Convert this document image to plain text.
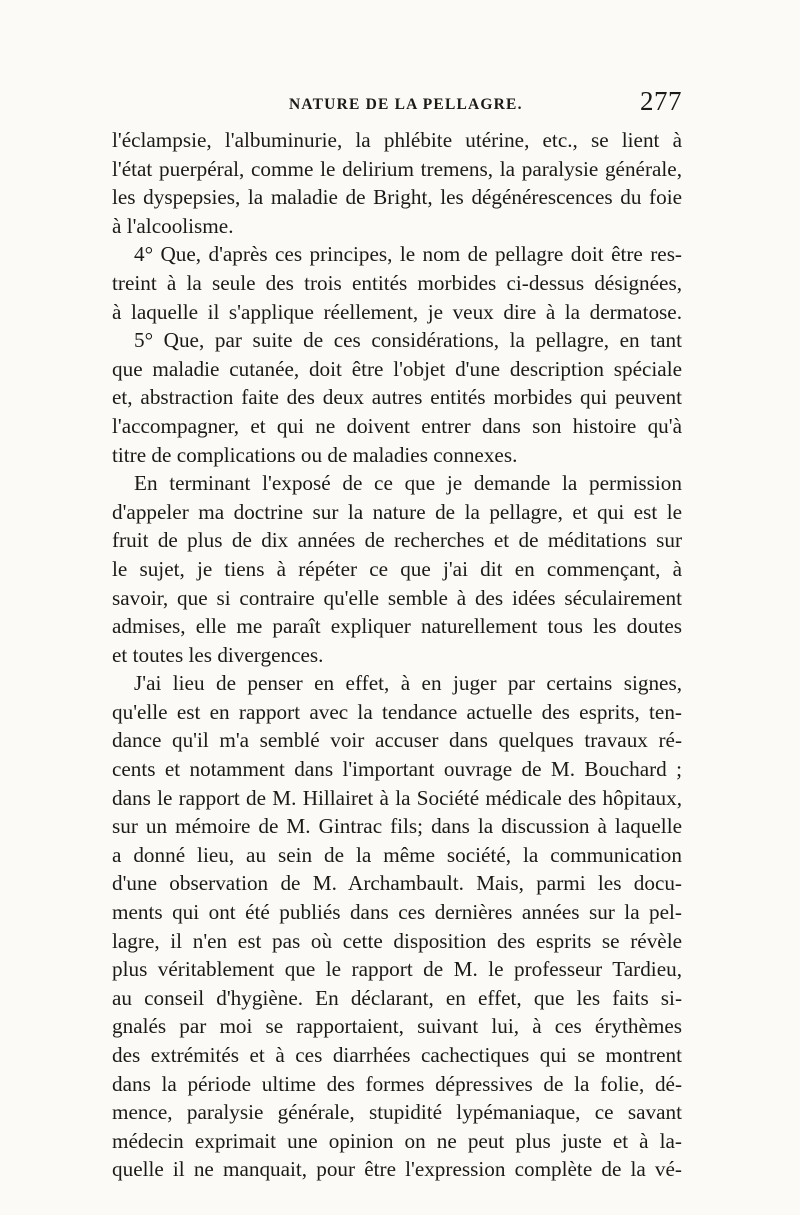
NATURE DE LA PELLAGRE.	277
l'éclampsie, l'albuminurie, la phlébite utérine, etc., se lient à
l'état puerpéral, comme le delirium tremens, la paralysie générale,
les dyspepsies, la maladie de Bright, les dégénérescences du foie
à l'alcoolisme.
4° Que, d'après ces principes, le nom de pellagre doit être res-
treint à la seule des trois entités morbides ci-dessus désignées,
à laquelle il s'applique réellement, je veux dire à la dermatose.
5° Que, par suite de ces considérations, la pellagre, en tant
que maladie cutanée, doit être l'objet d'une description spéciale
et, abstraction faite des deux autres entités morbides qui peuvent
l'accompagner, et qui ne doivent entrer dans son histoire qu'à
titre de complications ou de maladies connexes.
En terminant l'exposé de ce que je demande la permission
d'appeler ma doctrine sur la nature de la pellagre, et qui est le
fruit de plus de dix années de recherches et de méditations sur
le sujet, je tiens à répéter ce que j'ai dit en commençant, à
savoir, que si contraire qu'elle semble à des idées séculairement
admises, elle me paraît expliquer naturellement tous les doutes
et toutes les divergences.
J'ai lieu de penser en effet, à en juger par certains signes,
qu'elle est en rapport avec la tendance actuelle des esprits, ten-
dance qu'il m'a semblé voir accuser dans quelques travaux ré-
cents et notamment dans l'important ouvrage de M. Bouchard ;
dans le rapport de M. Hillairet à la Société médicale des hôpitaux,
sur un mémoire de M. Gintrac fils; dans la discussion à laquelle
a donné lieu, au sein de la même société, la communication
d'une observation de M. Archambault. Mais, parmi les docu-
ments qui ont été publiés dans ces dernières années sur la pel-
lagre, il n'en est pas où cette disposition des esprits se révèle
plus véritablement que le rapport de M. le professeur Tardieu,
au conseil d'hygiène. En déclarant, en effet, que les faits si-
gnalés par moi se rapportaient, suivant lui, à ces érythèmes
des extrémités et à ces diarrhées cachectiques qui se montrent
dans la période ultime des formes dépressives de la folie, dé-
mence, paralysie générale, stupidité lypémaniaque, ce savant
médecin exprimait une opinion on ne peut plus juste et à la-
quelle il ne manquait, pour être l'expression complète de la vé-
